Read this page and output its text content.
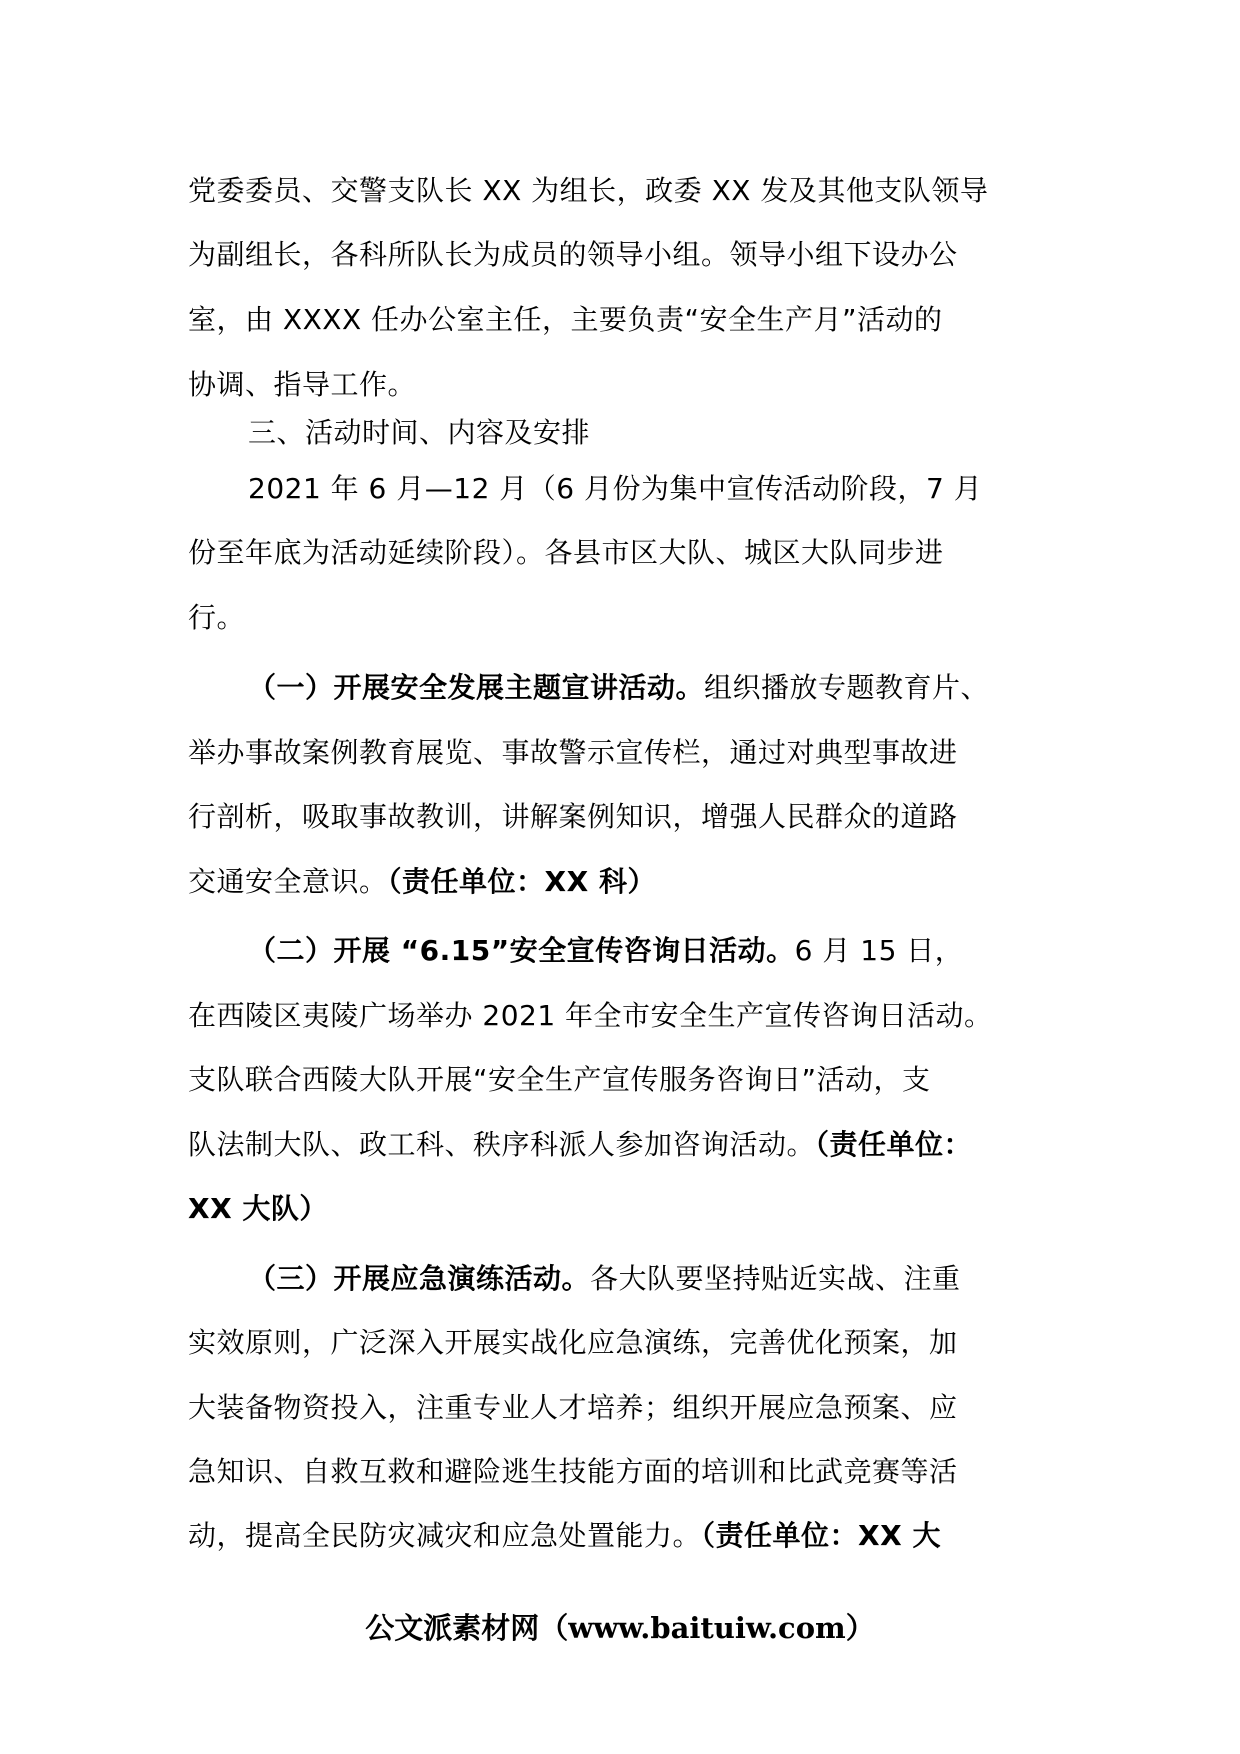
党委委员、交警支队长 XX 为组长，政委 XX 发及其他支队领导
为副组长，各科所队长为成员的领导小组。领导小组下设办公
室，由 XXXX 任办公室主任，主要负责“安全生产月”活动的
协调、指导工作。
三、活动时间、内容及安排
2021 年 6 月—12 月（6 月份为集中宣传活动阶段，7 月
份至年底为活动延续阶段）。各县市区大队、城区大队同步进
行。
（一）开展安全发展主题宣讲活动。组织播放专题教育片、
举办事故案例教育展览、事故警示宣传栏，通过对典型事故进
行剖析，吸取事故教训，讲解案例知识，增强人民群众的道路
交通安全意识。（责任单位：XX 科）
（二）开展 “6.15”安全宣传咨询日活动。6 月 15 日，
在西陵区夷陵广场举办 2021 年全市安全生产宣传咨询日活动。
支队联合西陵大队开展“安全生产宣传服务咨询日”活动，支
队法制大队、政工科、秩序科派人参加咨询活动。（责任单位：
XX 大队）
（三）开展应急演练活动。各大队要坚持贴近实战、注重
实效原则，广泛深入开展实战化应急演练，完善优化预案，加
大装备物资投入，注重专业人才培养；组织开展应急预案、应
急知识、自救互救和避险逃生技能方面的培训和比武竞赛等活
动，提高全民防灾减灾和应急处置能力。（责任单位：XX 大
公文派素材网（www.baituiw.com）
